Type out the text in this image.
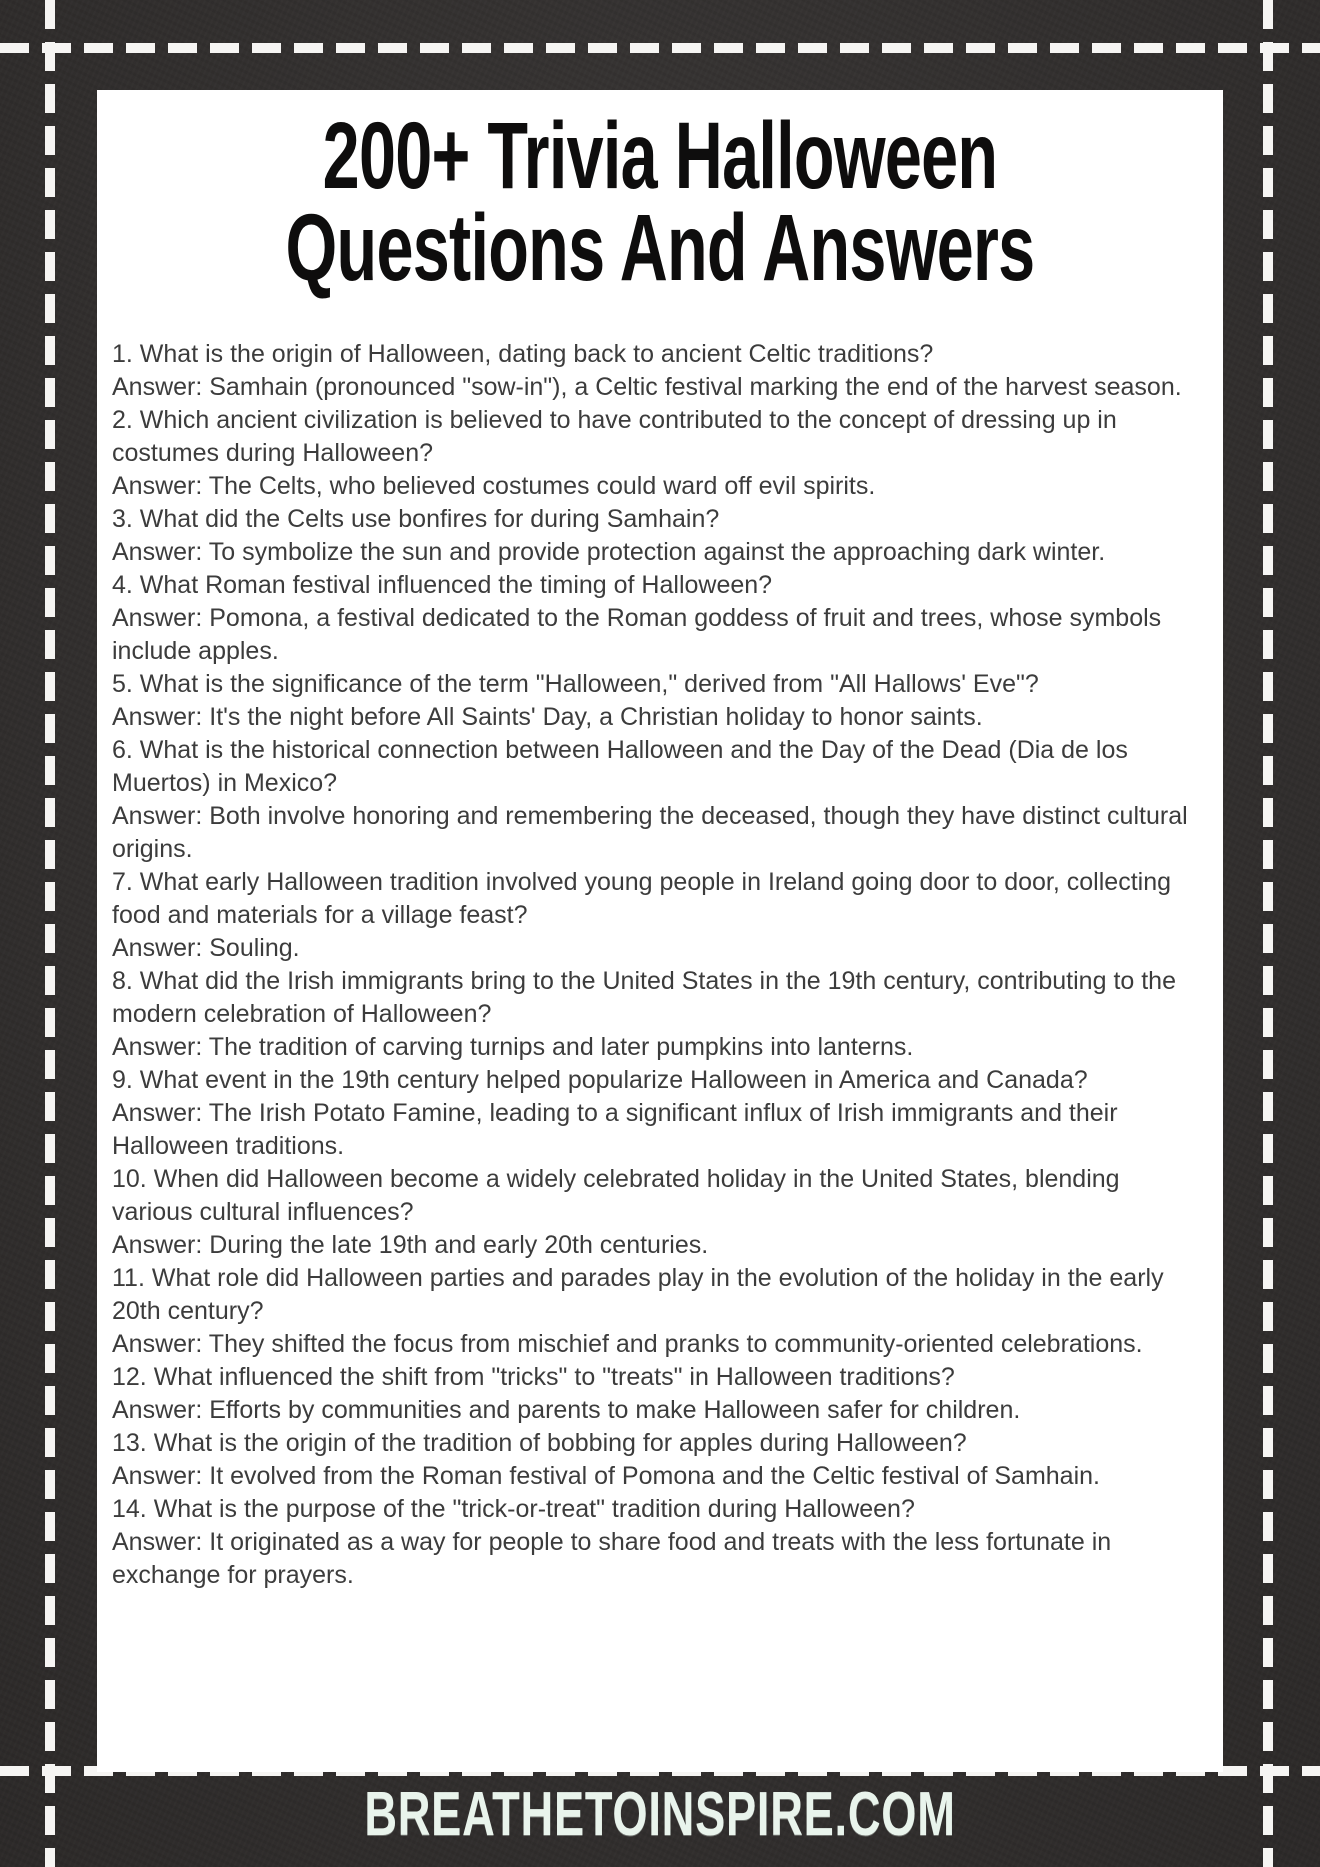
200+ Trivia Halloween
Questions And Answers

1. What is the origin of Halloween, dating back to ancient Celtic traditions?

Answer: Samhain (pronounced "sow-in"), a Celtic festival marking the end of the harvest season.

2. Which ancient civilization is believed to have contributed to the concept of dressing up in costumes during Halloween?

Answer: The Celts, who believed costumes could ward off evil spirits.

3. What did the Celts use bonfires for during Samhain?

Answer: To symbolize the sun and provide protection against the approaching dark winter.

4. What Roman festival influenced the timing of Halloween?

Answer: Pomona, a festival dedicated to the Roman goddess of fruit and trees, whose symbols include apples.

5. What is the significance of the term "Halloween," derived from "All Hallows' Eve"?

Answer: It's the night before All Saints' Day, a Christian holiday to honor saints.

6. What is the historical connection between Halloween and the Day of the Dead (Dia de los Muertos) in Mexico?

Answer: Both involve honoring and remembering the deceased, though they have distinct cultural origins.

7. What early Halloween tradition involved young people in Ireland going door to door, collecting food and materials for a village feast?

Answer: Souling.

8. What did the Irish immigrants bring to the United States in the 19th century, contributing to the modern celebration of Halloween?

Answer: The tradition of carving turnips and later pumpkins into lanterns.

9. What event in the 19th century helped popularize Halloween in America and Canada?

Answer: The Irish Potato Famine, leading to a significant influx of Irish immigrants and their Halloween traditions.

10. When did Halloween become a widely celebrated holiday in the United States, blending various cultural influences?

Answer: During the late 19th and early 20th centuries.

11. What role did Halloween parties and parades play in the evolution of the holiday in the early 20th century?

Answer: They shifted the focus from mischief and pranks to community-oriented celebrations.

12. What influenced the shift from "tricks" to "treats" in Halloween traditions?

Answer: Efforts by communities and parents to make Halloween safer for children.

13. What is the origin of the tradition of bobbing for apples during Halloween?

Answer: It evolved from the Roman festival of Pomona and the Celtic festival of Samhain.

14. What is the purpose of the "trick-or-treat" tradition during Halloween?

Answer: It originated as a way for people to share food and treats with the less fortunate in exchange for prayers.

BREATHETOINSPIRE.COM
